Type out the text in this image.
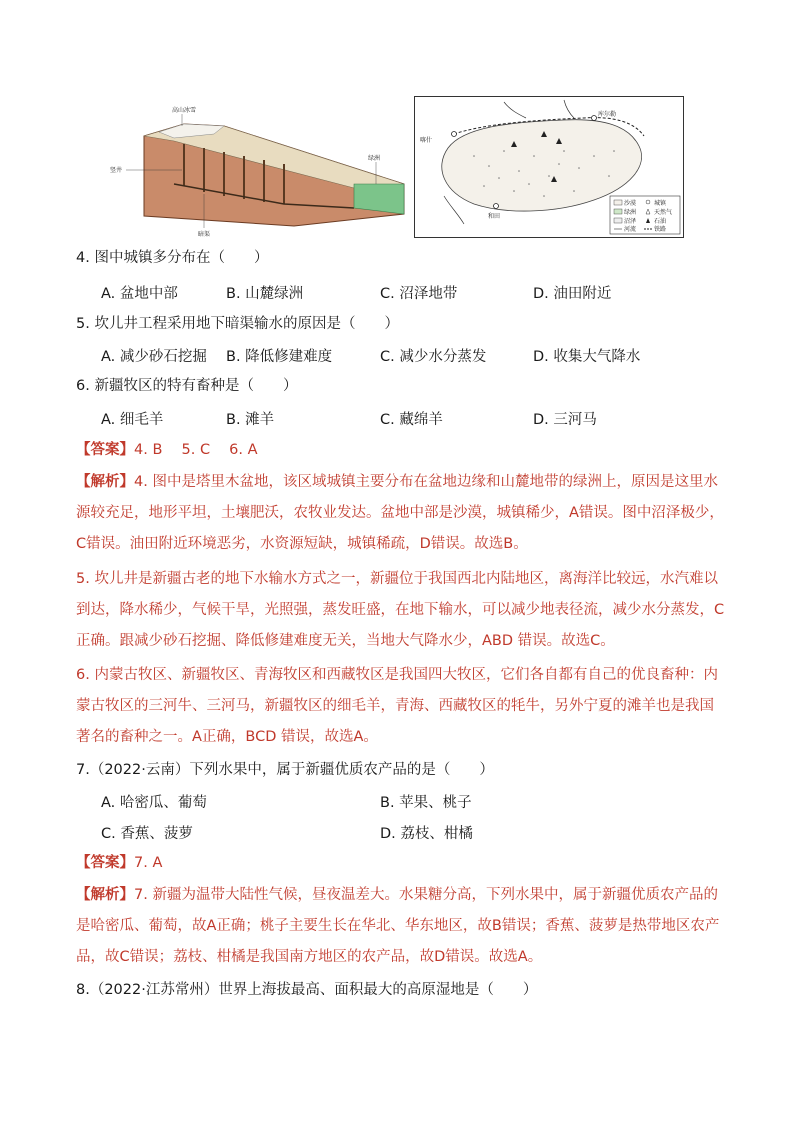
高山冰雪
竖井
绿洲
暗渠
喀什
库尔勒
和田
沙漠
绿洲
沼泽
河流
城镇
天然气
石油
铁路
4. 图中城镇多分布在（　　）
A. 盆地中部	B. 山麓绿洲	C. 沼泽地带	D. 油田附近
5. 坎儿井工程采用地下暗渠输水的原因是（　　）
A. 减少砂石挖掘 B. 降低修建难度	C. 减少水分蒸发	D. 收集大气降水
6. 新疆牧区的特有畜种是（　　）
A. 细毛羊	B. 滩羊	C. 藏绵羊	D. 三河马
【答案】4. B　 5. C　 6. A
【解析】4. 图中是塔里木盆地，该区域城镇主要分布在盆地边缘和山麓地带的绿洲上，原因是这里水源较充足，地形平坦，土壤肥沃，农牧业发达。盆地中部是沙漠，城镇稀少，A错误。图中沼泽极少，C错误。油田附近环境恶劣，水资源短缺，城镇稀疏，D错误。故选B。
5. 坎儿井是新疆古老的地下水输水方式之一，新疆位于我国西北内陆地区，离海洋比较远，水汽难以到达，降水稀少，气候干旱，光照强，蒸发旺盛，在地下输水，可以减少地表径流，减少水分蒸发，C正确。跟减少砂石挖掘、降低修建难度无关，当地大气降水少，ABD 错误。故选C。
6. 内蒙古牧区、新疆牧区、青海牧区和西藏牧区是我国四大牧区，它们各自都有自己的优良畜种：内蒙古牧区的三河牛、三河马，新疆牧区的细毛羊，青海、西藏牧区的牦牛，另外宁夏的滩羊也是我国著名的畜种之一。A正确，BCD 错误，故选A。
7.（2022·云南）下列水果中，属于新疆优质农产品的是（　　）
A. 哈密瓜、葡萄	B. 苹果、桃子
C. 香蕉、菠萝	D. 荔枝、柑橘
【答案】7. A
【解析】7. 新疆为温带大陆性气候，昼夜温差大。水果糖分高，下列水果中，属于新疆优质农产品的是哈密瓜、葡萄，故A正确；桃子主要生长在华北、华东地区，故B错误；香蕉、菠萝是热带地区农产品，故C错误；荔枝、柑橘是我国南方地区的农产品，故D错误。故选A。
8.（2022·江苏常州）世界上海拔最高、面积最大的高原湿地是（　　）
